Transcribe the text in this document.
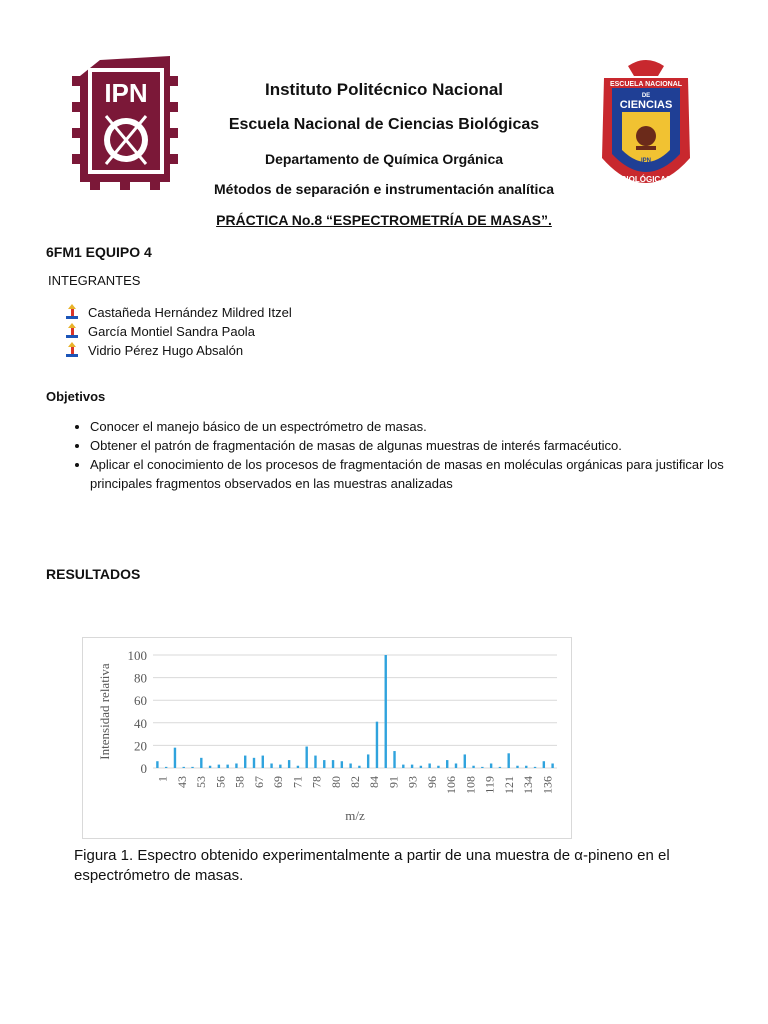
IPN	ESCUELA NACIONAL
DE
CIENCIAS
IPN
BIOLÓGICAS
Instituto Politécnico Nacional
Escuela Nacional de Ciencias Biológicas
Departamento de Química Orgánica
Métodos de separación e instrumentación analítica
PRÁCTICA No.8 “ESPECTROMETRÍA DE MASAS”.
6FM1 EQUIPO 4
INTEGRANTES
Castañeda Hernández Mildred Itzel
García Montiel Sandra Paola
Vidrio Pérez Hugo Absalón
Objetivos
• Conocer el manejo básico de un espectrómetro de masas.
• Obtener el patrón de fragmentación de masas de algunas muestras de interés farmacéutico.
• Aplicar el conocimiento de los procesos de fragmentación de masas en moléculas orgánicas para justificar los principales fragmentos observados en las muestras analizadas
RESULTADOS
0
20
40
60
80
100
1 43 53 56 58 67 69 71 78 80 82 84 91 93 96 106 108 119 121 134 136
m/z
Intensidad relativa
Figura 1. Espectro obtenido experimentalmente a partir de una muestra de α-pineno en el espectrómetro de masas.
